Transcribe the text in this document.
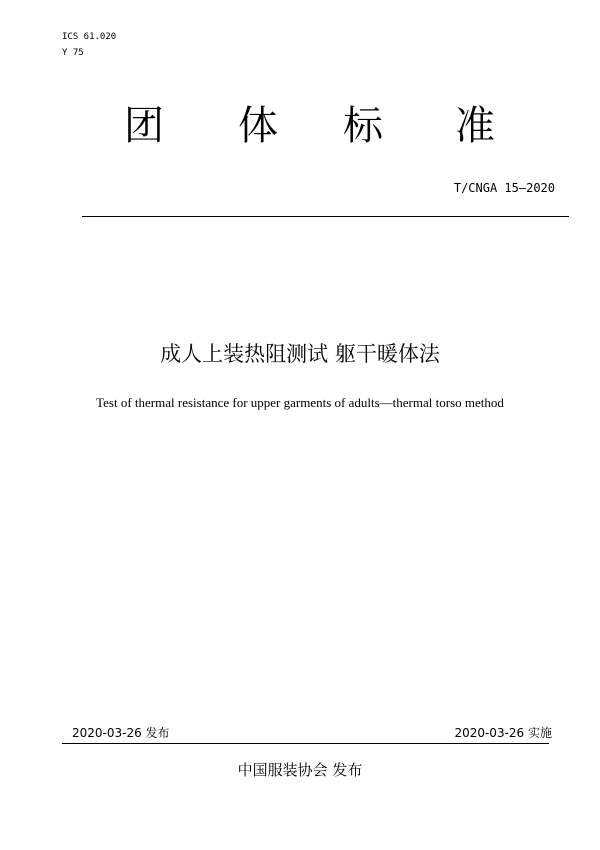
ICS 61.020
Y 75
团 体 标 准
T/CNGA 15—2020
成人上装热阻测试 躯干暖体法
Test of thermal resistance for upper garments of adults—thermal torso method
2020-03-26 发布	2020-03-26 实施
中国服装协会 发布
